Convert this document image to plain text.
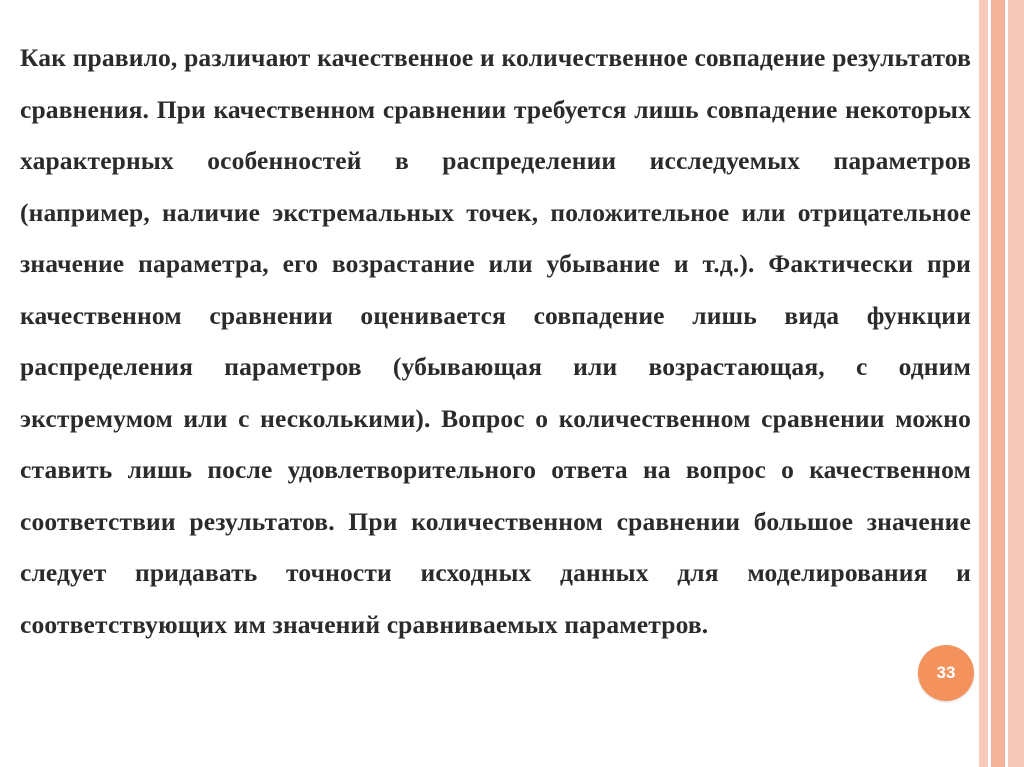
Как правило, различают качественное и количественное совпадение результатов сравнения. При качественном сравнении требуется лишь совпадение некоторых характерных особенностей в распределении исследуемых параметров (например, наличие экстремальных точек, положительное или отрицательное значение параметра, его возрастание или убывание и т.д.). Фактически при качественном сравнении оценивается совпадение лишь вида функции распределения параметров (убывающая или возрастающая, с одним экстремумом или с несколькими). Вопрос о количественном сравнении можно ставить лишь после удовлетворительного ответа на вопрос о качественном соответствии результатов. При количественном сравнении большое значение следует придавать точности исходных данных для моделирования и соответствующих им значений сравниваемых параметров.

33
